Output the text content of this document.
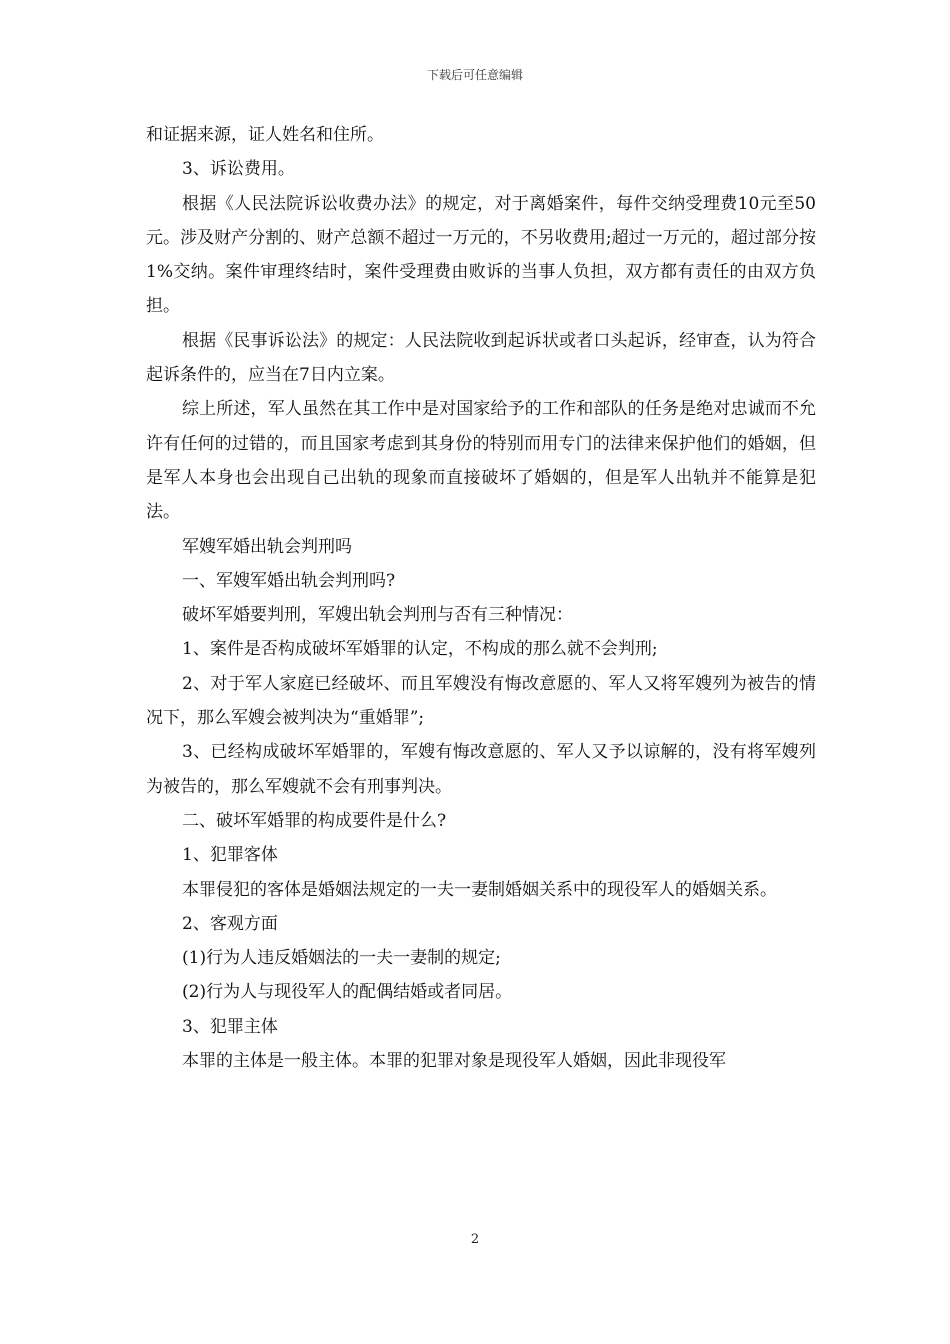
下载后可任意编辑

和证据来源，证人姓名和住所。

3、诉讼费用。

根据《人民法院诉讼收费办法》的规定，对于离婚案件，每件交纳受理费10元至50元。涉及财产分割的、财产总额不超过一万元的，不另收费用;超过一万元的，超过部分按1%交纳。案件审理终结时，案件受理费由败诉的当事人负担，双方都有责任的由双方负担。

根据《民事诉讼法》的规定：人民法院收到起诉状或者口头起诉，经审查，认为符合起诉条件的，应当在7日内立案。

综上所述，军人虽然在其工作中是对国家给予的工作和部队的任务是绝对忠诚而不允许有任何的过错的，而且国家考虑到其身份的特别而用专门的法律来保护他们的婚姻，但是军人本身也会出现自己出轨的现象而直接破坏了婚姻的，但是军人出轨并不能算是犯法。

军嫂军婚出轨会判刑吗

一、军嫂军婚出轨会判刑吗?

破坏军婚要判刑，军嫂出轨会判刑与否有三种情况：

1、案件是否构成破坏军婚罪的认定，不构成的那么就不会判刑;

2、对于军人家庭已经破坏、而且军嫂没有悔改意愿的、军人又将军嫂列为被告的情况下，那么军嫂会被判决为“重婚罪”;

3、已经构成破坏军婚罪的，军嫂有悔改意愿的、军人又予以谅解的，没有将军嫂列为被告的，那么军嫂就不会有刑事判决。

二、破坏军婚罪的构成要件是什么?

1、犯罪客体

本罪侵犯的客体是婚姻法规定的一夫一妻制婚姻关系中的现役军人的婚姻关系。

2、客观方面

(1)行为人违反婚姻法的一夫一妻制的规定;

(2)行为人与现役军人的配偶结婚或者同居。

3、犯罪主体

本罪的主体是一般主体。本罪的犯罪对象是现役军人婚姻，因此非现役军

2
